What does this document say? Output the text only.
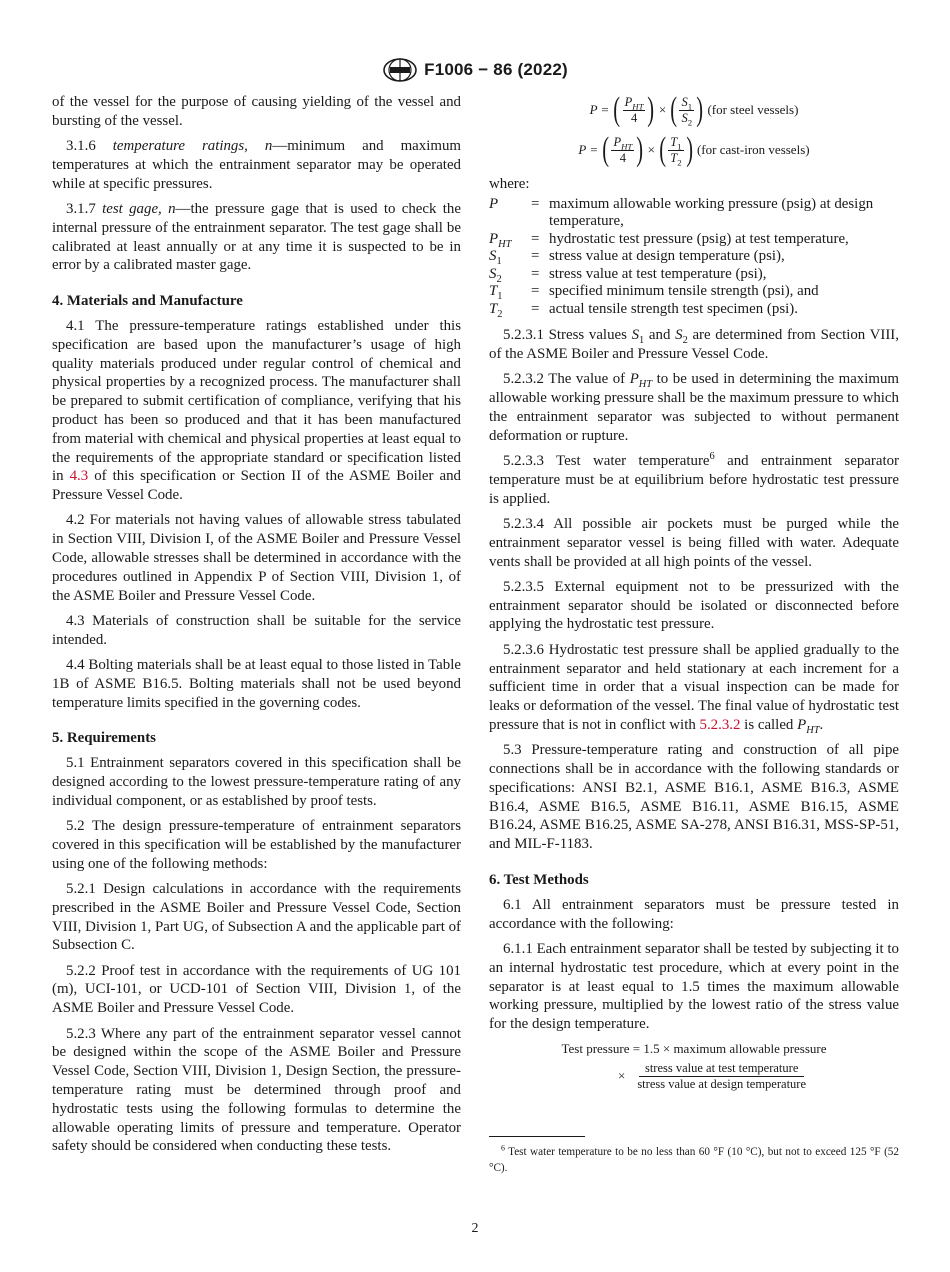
F1006 − 86 (2022)

of the vessel for the purpose of causing yielding of the vessel and bursting of the vessel.

3.1.6 temperature ratings, n—minimum and maximum temperatures at which the entrainment separator may be operated while at specific pressures.

3.1.7 test gage, n—the pressure gage that is used to check the internal pressure of the entrainment separator. The test gage shall be calibrated at least annually or at any time it is suspected to be in error by a calibrated master gage.

4. Materials and Manufacture

4.1 The pressure-temperature ratings established under this specification are based upon the manufacturer’s usage of high quality materials produced under regular control of chemical and physical properties by a recognized process. The manufacturer shall be prepared to submit certification of compliance, verifying that his product has been so produced and that it has been manufactured from material with chemical and physical properties at least equal to the requirements of the appropriate standard or specification listed in 4.3 of this specification or Section II of the ASME Boiler and Pressure Vessel Code.

4.2 For materials not having values of allowable stress tabulated in Section VIII, Division I, of the ASME Boiler and Pressure Vessel Code, allowable stresses shall be determined in accordance with the procedures outlined in Appendix P of Section VIII, Division 1, of the ASME Boiler and Pressure Vessel Code.

4.3 Materials of construction shall be suitable for the service intended.

4.4 Bolting materials shall be at least equal to those listed in Table 1B of ASME B16.5. Bolting materials shall not be used beyond temperature limits specified in the governing codes.

5. Requirements

5.1 Entrainment separators covered in this specification shall be designed according to the lowest pressure-temperature rating of any individual component, or as established by proof tests.

5.2 The design pressure-temperature of entrainment separators covered in this specification will be established by the manufacturer using one of the following methods:

5.2.1 Design calculations in accordance with the requirements prescribed in the ASME Boiler and Pressure Vessel Code, Section VIII, Division 1, Part UG, of Subsection A and the applicable part of Subsection C.

5.2.2 Proof test in accordance with the requirements of UG 101 (m), UCI-101, or UCD-101 of Section VIII, Division 1, of the ASME Boiler and Pressure Vessel Code.

5.2.3 Where any part of the entrainment separator vessel cannot be designed within the scope of the ASME Boiler and Pressure Vessel Code, Section VIII, Division 1, Design Section, the pressure-temperature rating must be determined through proof and hydrostatic tests using the following formulas to determine the allowable operating limits of pressure and temperature. Operator safety should be considered when conducting these tests.

P = ( $\frac{P_{HT}}{4}$ ) × ( $\frac{S_1}{S_2}$ ) (for steel vessels)
P = ( $\frac{P_{HT}}{4}$ ) × ( $\frac{T_1}{T_2}$ ) (for cast-iron vessels)

where:

P	= maximum allowable working pressure (psig) at design temperature,
$P_{HT}$	= hydrostatic test pressure (psig) at test temperature,
$S_1$	= stress value at design temperature (psi),
$S_2$	= stress value at test temperature (psi),
$T_1$	= specified minimum tensile strength (psi), and
$T_2$	= actual tensile strength test specimen (psi).

5.2.3.1 Stress values $S_1$ and $S_2$ are determined from Section VIII, of the ASME Boiler and Pressure Vessel Code.

5.2.3.2 The value of $P_{HT}$ to be used in determining the maximum allowable working pressure shall be the maximum pressure to which the entrainment separator was subjected to without permanent deformation or rupture.

5.2.3.3 Test water temperature$^6$ and entrainment separator temperature must be at equilibrium before hydrostatic test pressure is applied.

5.2.3.4 All possible air pockets must be purged while the entrainment separator vessel is being filled with water. Adequate vents shall be provided at all high points of the vessel.

5.2.3.5 External equipment not to be pressurized with the entrainment separator should be isolated or disconnected before applying the hydrostatic test pressure.

5.2.3.6 Hydrostatic test pressure shall be applied gradually to the entrainment separator and held stationary at each increment for a sufficient time in order that a visual inspection can be made for leaks or deformation of the vessel. The final value of hydrostatic test pressure that is not in conflict with 5.2.3.2 is called $P_{HT}$.

5.3 Pressure-temperature rating and construction of all pipe connections shall be in accordance with the following standards or specifications: ANSI B2.1, ASME B16.1, ASME B16.3, ASME B16.4, ASME B16.5, ASME B16.11, ASME B16.15, ASME B16.24, ASME B16.25, ASME SA-278, ANSI B16.31, MSS-SP-51, and MIL-F-1183.

6. Test Methods

6.1 All entrainment separators must be pressure tested in accordance with the following:

6.1.1 Each entrainment separator shall be tested by subjecting it to an internal hydrostatic test procedure, which at every point in the separator is at least equal to 1.5 times the maximum allowable working pressure, multiplied by the lowest ratio of the stress value for the design temperature.

Test pressure = 1.5 × maximum allowable pressure
× $\frac{\text{stress value at test temperature}}{\text{stress value at design temperature}}$

$^6$ Test water temperature to be no less than 60 °F (10 °C), but not to exceed 125 °F (52 °C).

2
